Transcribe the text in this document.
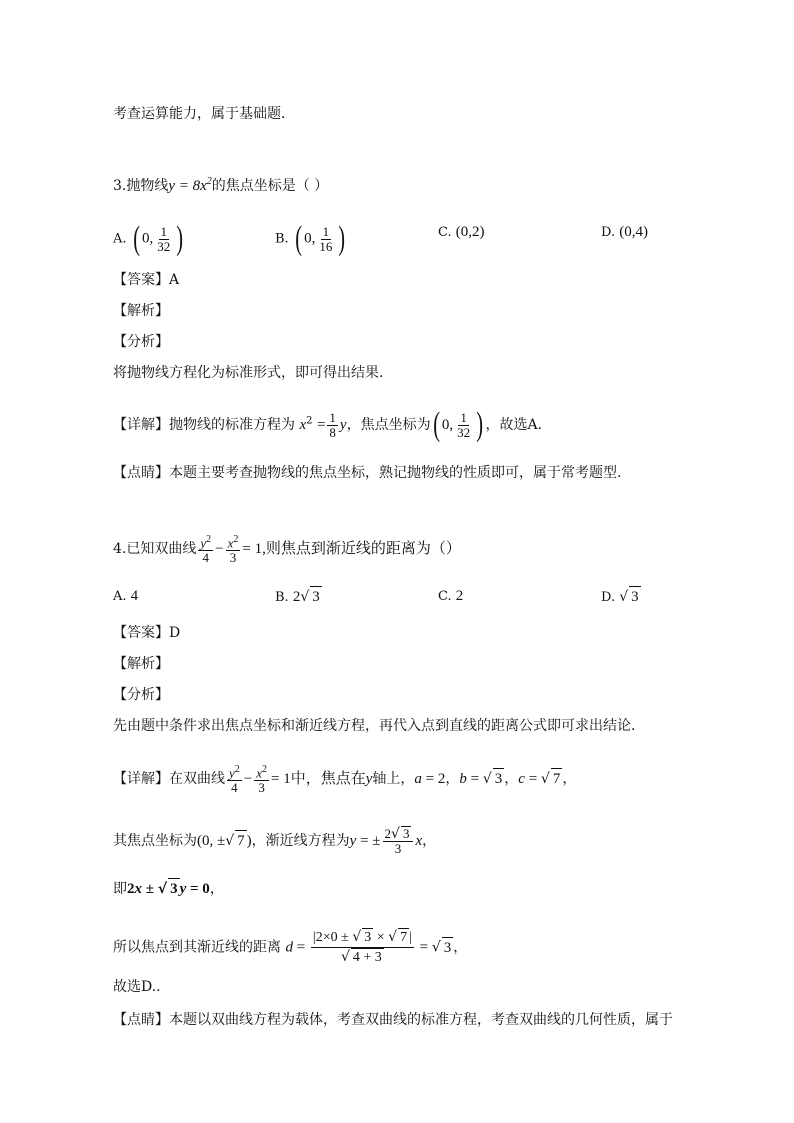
考查运算能力，属于基础题．
3.抛物线$y = 8x^2$的焦点坐标是（ ）
A. ( 0, $\frac{1}{32}$ )	B. ( 0, $\frac{1}{16}$ )	C. (0,2)	D. (0,4)
【答案】A
【解析】
【分析】
将抛物线方程化为标准形式，即可得出结果.
【详解】抛物线的标准方程为 $x^2 = \frac{1}{8}$ y，焦点坐标为( 0, $\frac{1}{32}$ ) ，故选A.
【点睛】本题主要考查抛物线的焦点坐标，熟记抛物线的性质即可，属于常考题型.
4.已知双曲线 $\frac{y^2}{4} - \frac{x^2}{3} = 1$,则焦点到渐近线的距离为（）
A. 4	B. 2√ 3	C. 2	D. √ 3
【答案】D
【解析】
【分析】
先由题中条件求出焦点坐标和渐近线方程，再代入点到直线的距离公式即可求出结论．
【详解】在双曲线 $\frac{y^2}{4} - \frac{x^2}{3} = 1$中，焦点在y轴上，a = 2，b = √ 3 ，c = √ 7 ，
其焦点坐标为(0, ±√ 7 )，渐近线方程为y = ± $\frac{2√ 3}{3}$ x，
即2x ± √ 3 y = 0，
所以焦点到其渐近线的距离 $d = \frac{|2\times 0 \pm √ 3 \times √ 7 |}{√ 4 + 3}$ = √ 3 ，
故选D..
【点睛】本题以双曲线方程为载体，考查双曲线的标准方程，考查双曲线的几何性质，属于
